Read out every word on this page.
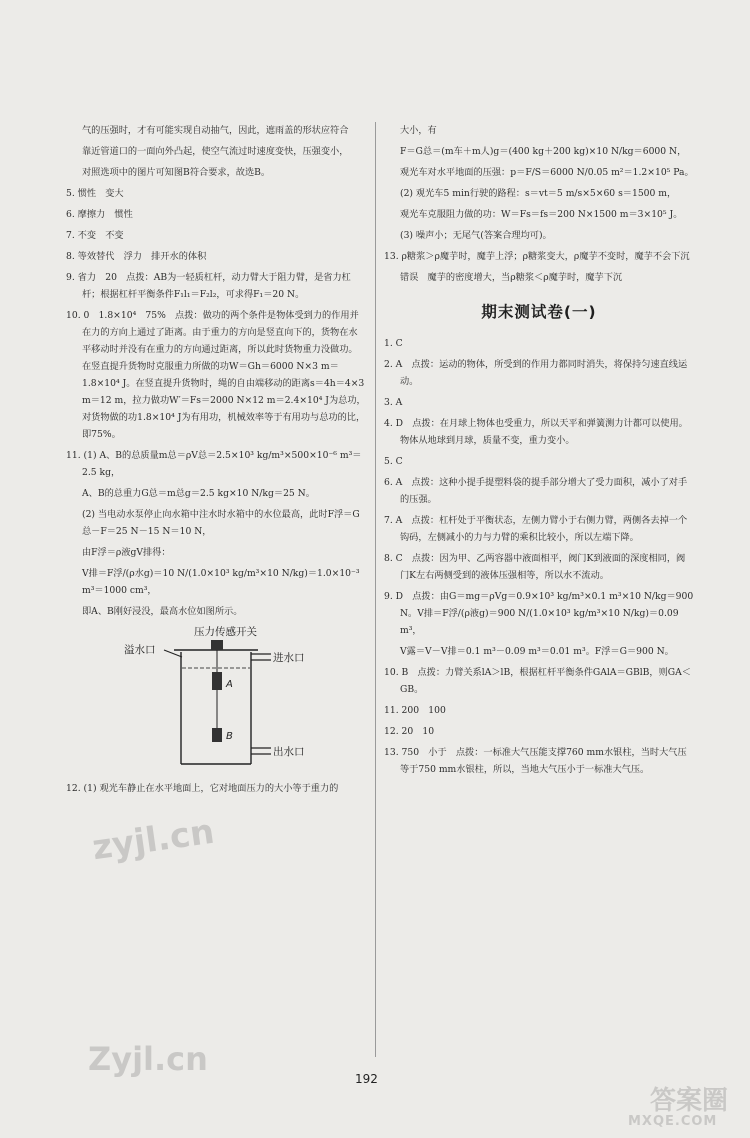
气的压强时，才有可能实现自动抽气，因此，遮雨盖的形状应符合

靠近管道口的一面向外凸起，使空气流过时速度变快，压强变小，

对照选项中的图片可知图B符合要求，故选B。

5. 惯性　变大

6. 摩擦力　惯性

7. 不变　不变

8. 等效替代　浮力　排开水的体积

9. 省力　20　点拨：AB为一轻质杠杆，动力臂大于阻力臂，是省力杠杆；根据杠杆平衡条件F₁l₁＝F₂l₂，可求得F₁＝20 N。

10. 0　1.8×10⁴　75%　点拨：做功的两个条件是物体受到力的作用并在力的方向上通过了距离。由于重力的方向是竖直向下的，货物在水平移动时并没有在重力的方向通过距离，所以此时货物重力没做功。在竖直提升货物时克服重力所做的功W＝Gh＝6000 N×3 m＝1.8×10⁴ J。在竖直提升货物时，绳的自由端移动的距离s＝4h＝4×3 m＝12 m，拉力做功W′＝Fs＝2000 N×12 m＝2.4×10⁴ J为总功，对货物做的功1.8×10⁴ J为有用功，机械效率等于有用功与总功的比，即75%。

11. (1) A、B的总质量m总＝ρV总＝2.5×10³ kg/m³×500×10⁻⁶ m³＝2.5 kg，

A、B的总重力G总＝m总g＝2.5 kg×10 N/kg＝25 N。

(2) 当电动水泵停止向水箱中注水时水箱中的水位最高，此时F浮＝G总－F＝25 N－15 N＝10 N，

由F浮＝ρ液gV排得：

V排＝F浮/(ρ水g)＝10 N/(1.0×10³ kg/m³×10 N/kg)＝1.0×10⁻³ m³＝1000 cm³，

即A、B刚好浸没，最高水位如图所示。

压力传感开关
溢水口
进水口
A
B
出水口

12. (1) 观光车静止在水平地面上，它对地面压力的大小等于重力的

大小，有

F＝G总＝(m车＋m人)g＝(400 kg＋200 kg)×10 N/kg＝6000 N，

观光车对水平地面的压强：p＝F/S＝6000 N/0.05 m²＝1.2×10⁵ Pa。

(2) 观光车5 min行驶的路程：s＝vt＝5 m/s×5×60 s＝1500 m，

观光车克服阻力做的功：W＝Fs＝fs＝200 N×1500 m＝3×10⁵ J。

(3) 噪声小；无尾气(答案合理均可)。

13. ρ糖浆＞ρ魔芋时，魔芋上浮；ρ糖浆变大，ρ魔芋不变时，魔芋不会下沉

错误　魔芋的密度增大，当ρ糖浆＜ρ魔芋时，魔芋下沉

期末测试卷(一)

1. C

2. A　点拨：运动的物体，所受到的作用力都同时消失，将保持匀速直线运动。

3. A

4. D　点拨：在月球上物体也受重力，所以天平和弹簧测力计都可以使用。物体从地球到月球，质量不变，重力变小。

5. C

6. A　点拨：这种小提手提塑料袋的提手部分增大了受力面积，减小了对手的压强。

7. A　点拨：杠杆处于平衡状态，左侧力臂小于右侧力臂，两侧各去掉一个钩码，左侧减小的力与力臂的乘积比较小，所以左端下降。

8. C　点拨：因为甲、乙两容器中液面相平，阀门K到液面的深度相同，阀门K左右两侧受到的液体压强相等，所以水不流动。

9. D　点拨：由G＝mg＝ρVg＝0.9×10³ kg/m³×0.1 m³×10 N/kg＝900 N。V排＝F浮/(ρ液g)＝900 N/(1.0×10³ kg/m³×10 N/kg)＝0.09 m³，

V露＝V－V排＝0.1 m³－0.09 m³＝0.01 m³。F浮＝G＝900 N。

10. B　点拨：力臂关系lA＞lB，根据杠杆平衡条件GAlA＝GBlB，则GA＜GB。

11. 200　100

12. 20　10

13. 750　小于　点拨：一标准大气压能支撑760 mm水银柱，当时大气压等于750 mm水银柱，所以，当地大气压小于一标准大气压。

192
zyjl.cn
Zyjl.cn
MXQE.COM
答案圈
